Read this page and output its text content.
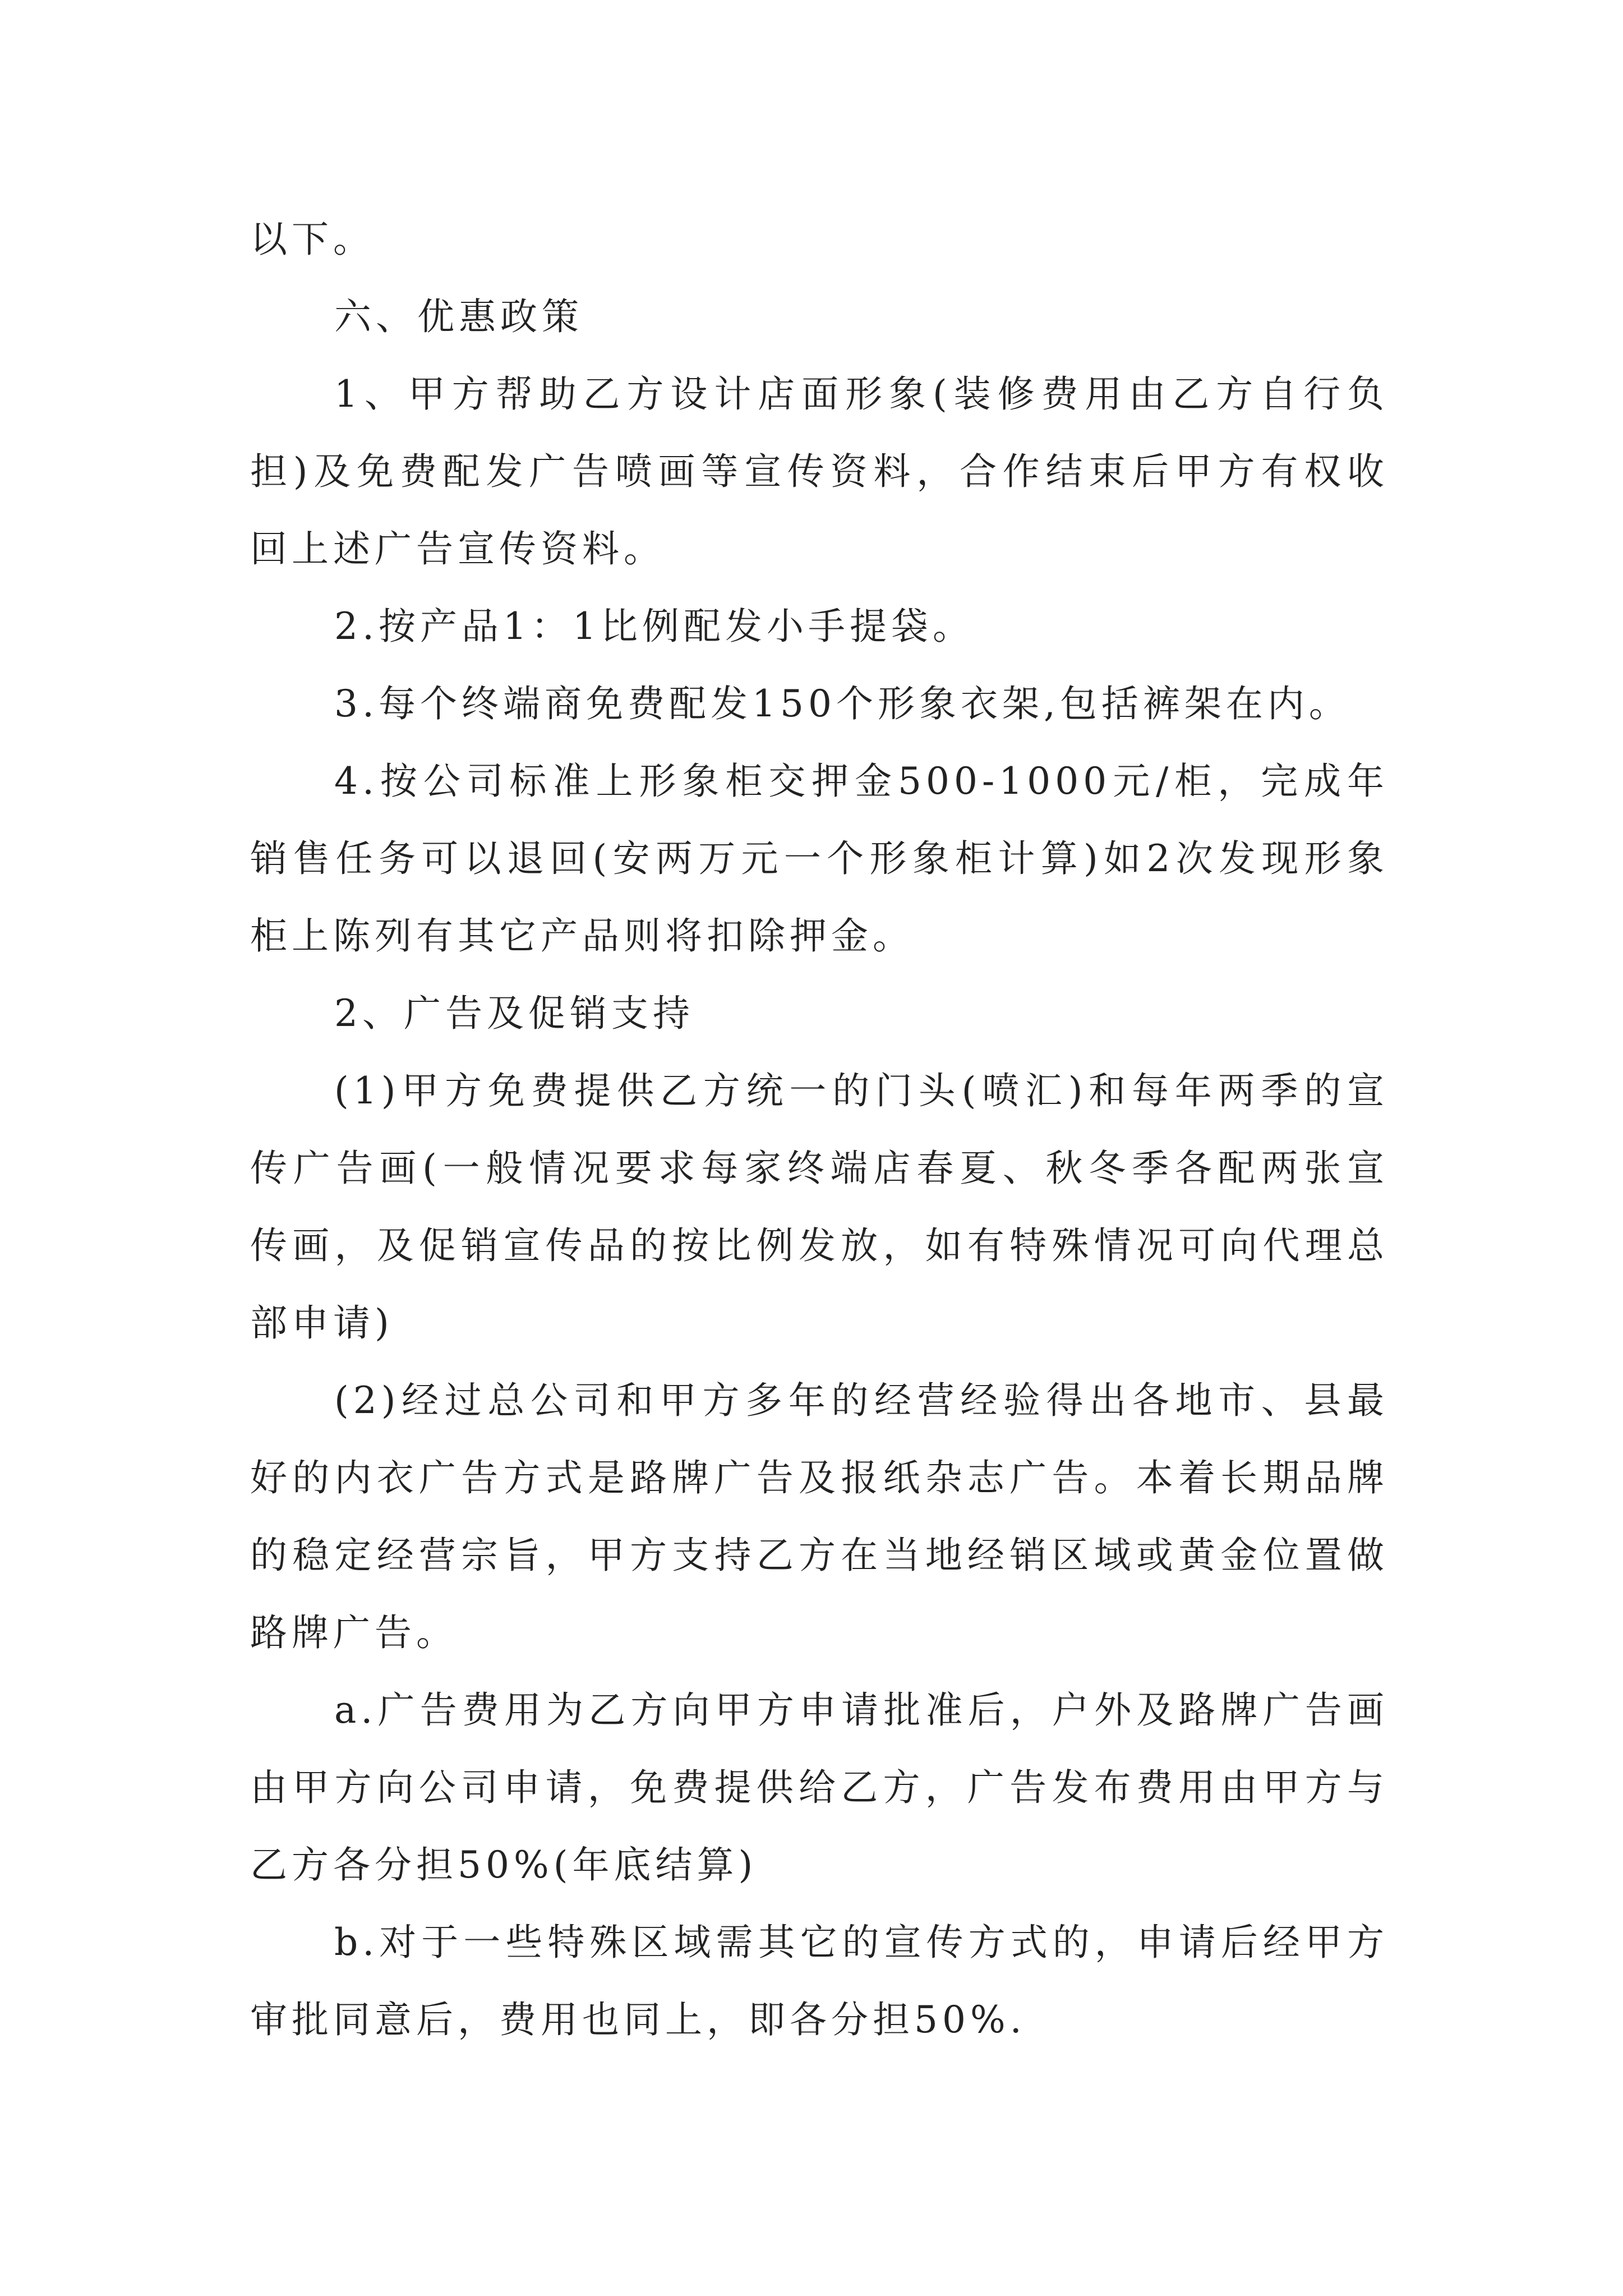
以下。

六、优惠政策

1、甲方帮助乙方设计店面形象(装修费用由乙方自行负担)及免费配发广告喷画等宣传资料，合作结束后甲方有权收回上述广告宣传资料。

2.按产品1：1比例配发小手提袋。

3.每个终端商免费配发150个形象衣架,包括裤架在内。

4.按公司标准上形象柜交押金500-1000元/柜，完成年销售任务可以退回(安两万元一个形象柜计算)如2次发现形象柜上陈列有其它产品则将扣除押金。

2、广告及促销支持

(1)甲方免费提供乙方统一的门头(喷汇)和每年两季的宣传广告画(一般情况要求每家终端店春夏、秋冬季各配两张宣传画，及促销宣传品的按比例发放，如有特殊情况可向代理总部申请)

(2)经过总公司和甲方多年的经营经验得出各地市、县最好的内衣广告方式是路牌广告及报纸杂志广告。本着长期品牌的稳定经营宗旨，甲方支持乙方在当地经销区域或黄金位置做路牌广告。

a.广告费用为乙方向甲方申请批准后，户外及路牌广告画由甲方向公司申请，免费提供给乙方，广告发布费用由甲方与乙方各分担50%(年底结算)

b.对于一些特殊区域需其它的宣传方式的，申请后经甲方审批同意后，费用也同上，即各分担50%.
